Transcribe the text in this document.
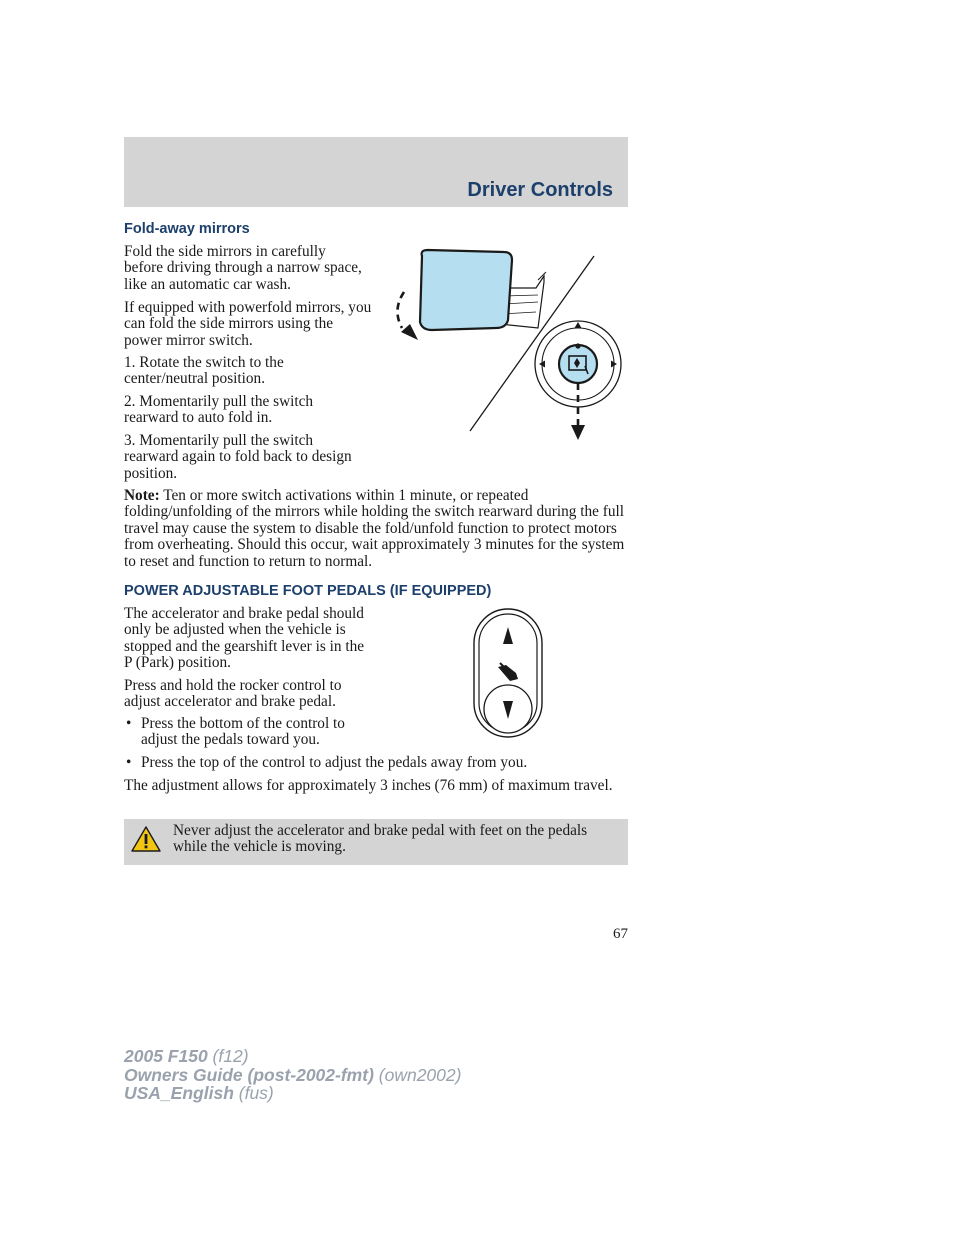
Driver Controls
Fold-away mirrors

Fold the side mirrors in carefully before driving through a narrow space, like an automatic car wash.

If equipped with powerfold mirrors, you can fold the side mirrors using the power mirror switch.

1. Rotate the switch to the center/neutral position.

2. Momentarily pull the switch rearward to auto fold in.

3. Momentarily pull the switch rearward again to fold back to design position.

Note: Ten or more switch activations within 1 minute, or repeated folding/unfolding of the mirrors while holding the switch rearward during the full travel may cause the system to disable the fold/unfold function to protect motors from overheating. Should this occur, wait approximately 3 minutes for the system to reset and function to return to normal.

POWER ADJUSTABLE FOOT PEDALS (IF EQUIPPED)

The accelerator and brake pedal should only be adjusted when the vehicle is stopped and the gearshift lever is in the P (Park) position.

Press and hold the rocker control to adjust accelerator and brake pedal.

• Press the bottom of the control to adjust the pedals toward you.
• Press the top of the control to adjust the pedals away from you.

The adjustment allows for approximately 3 inches (76 mm) of maximum travel.

Never adjust the accelerator and brake pedal with feet on the pedals while the vehicle is moving.
67
2005 F150 (f12)
Owners Guide (post-2002-fmt) (own2002)
USA_English (fus)
